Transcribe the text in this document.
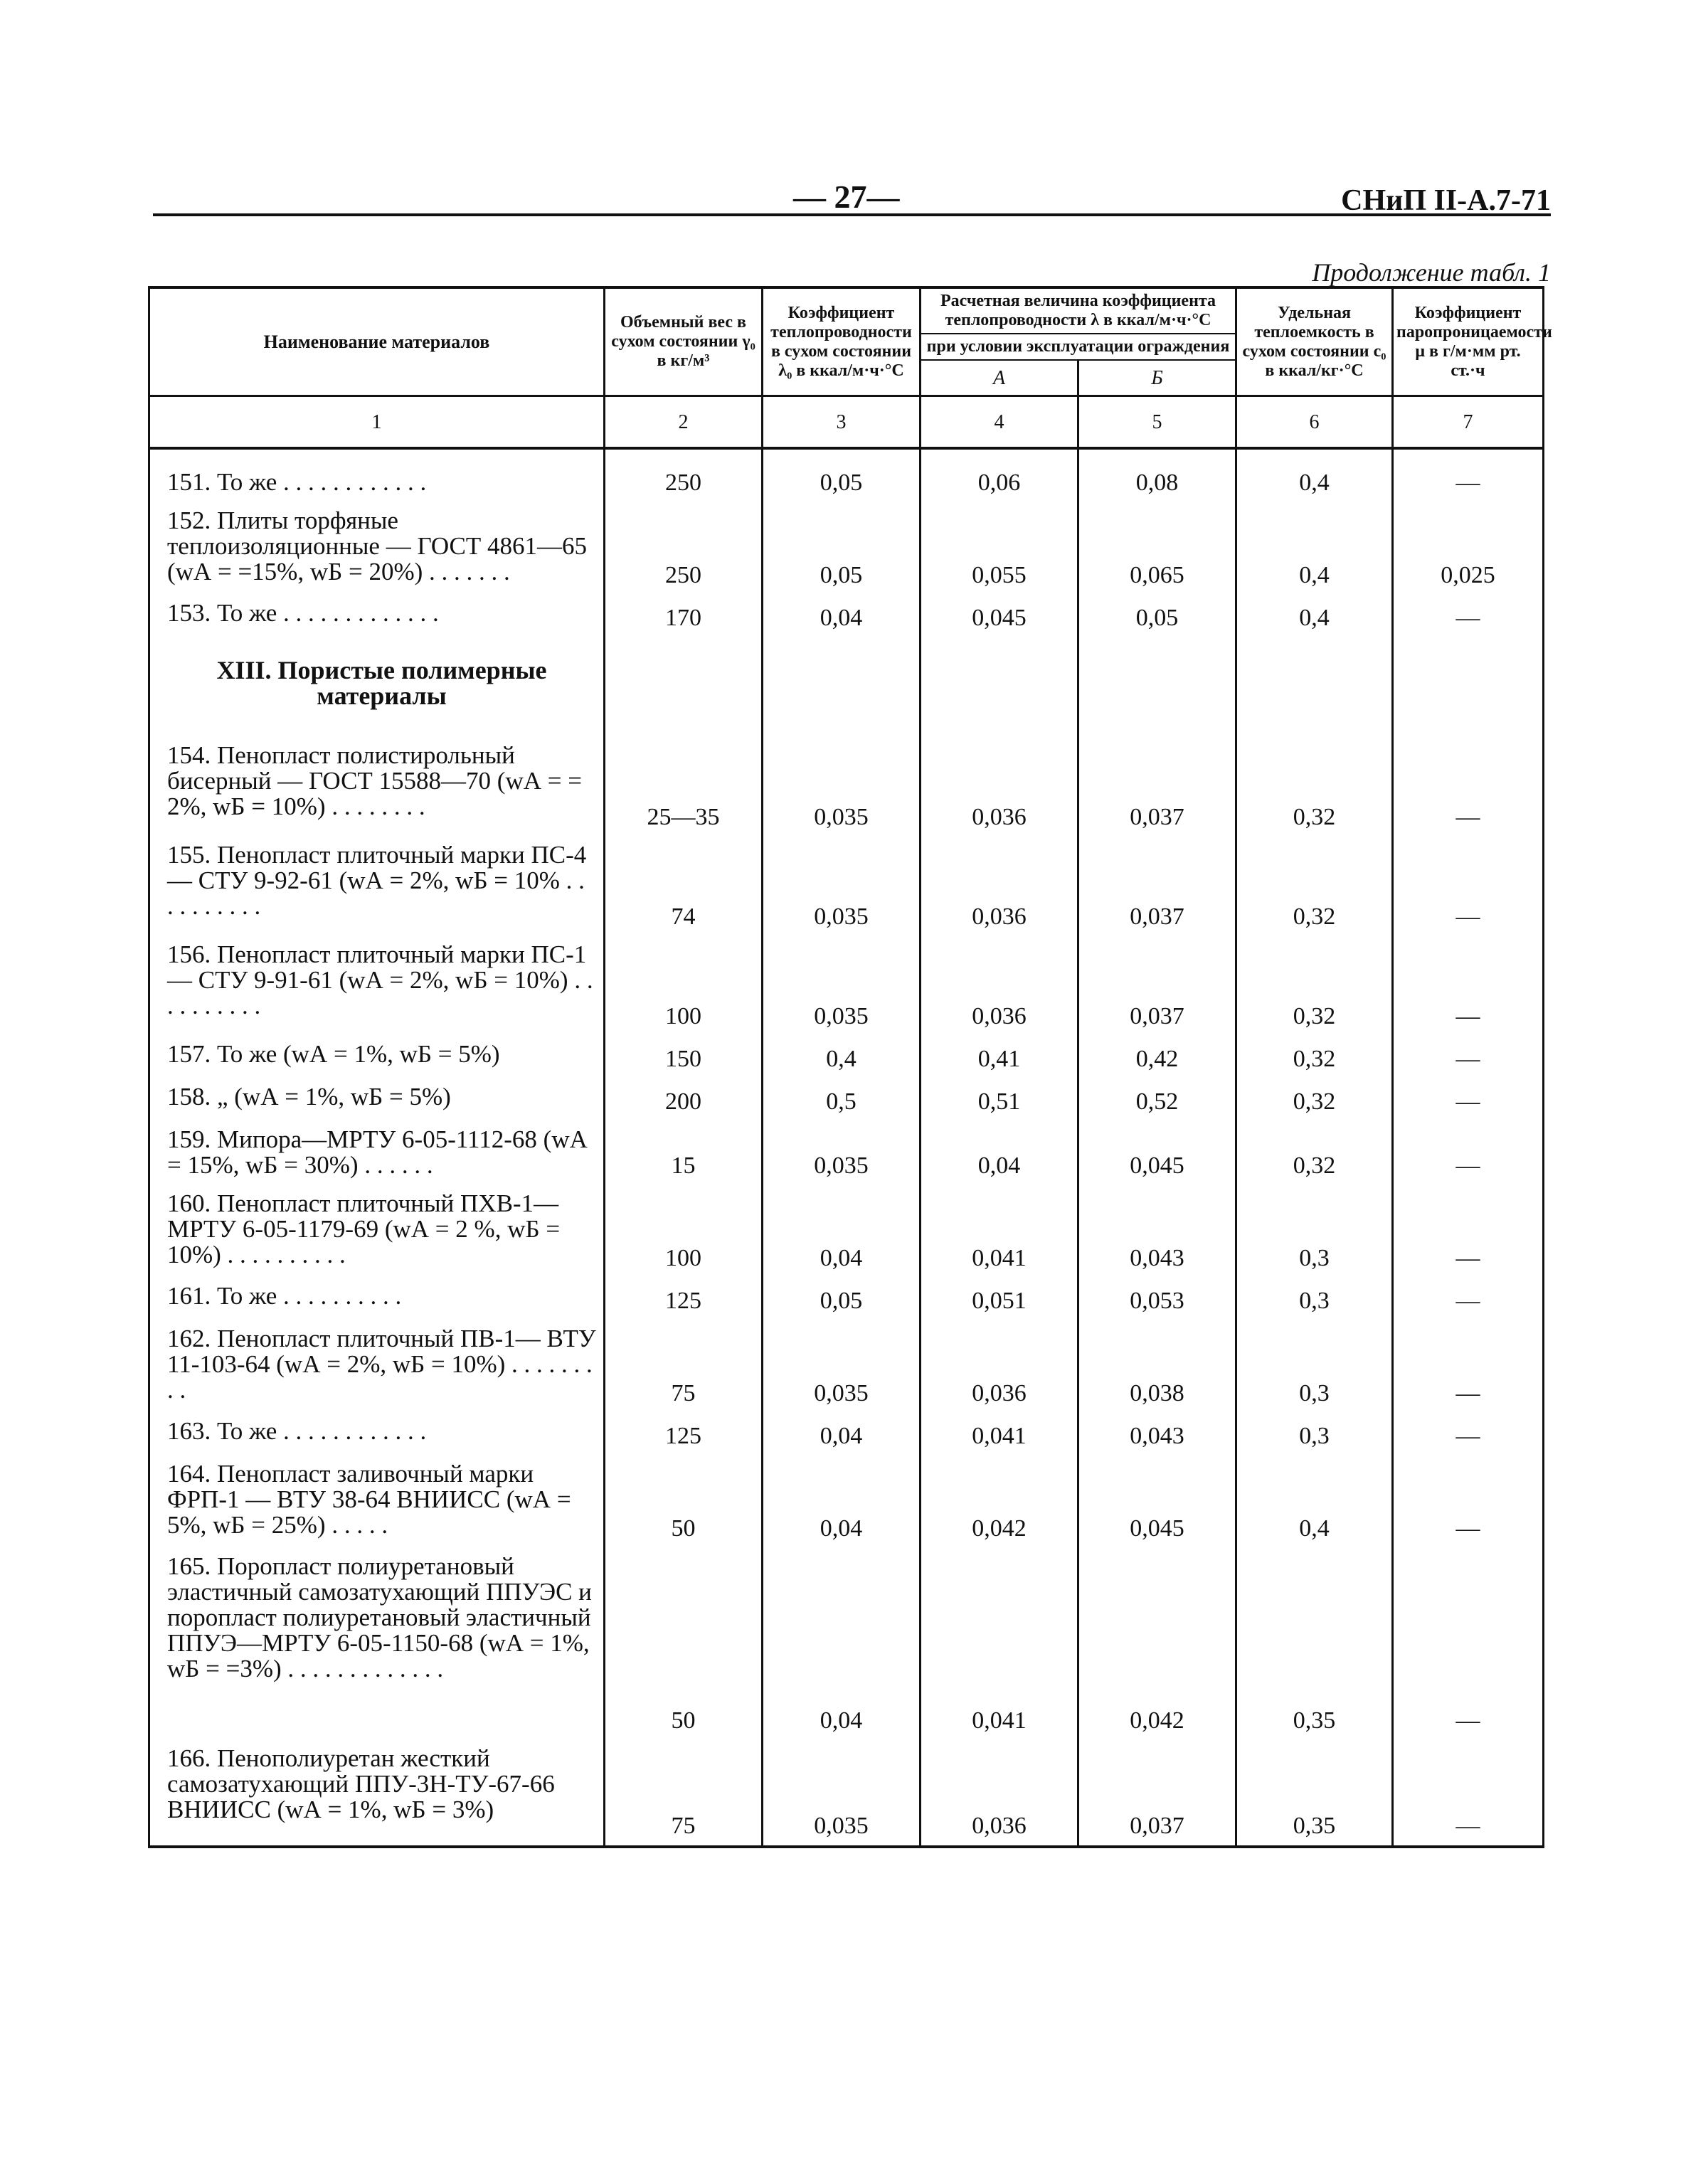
— 27—	СНиП II-А.7-71
Продолжение табл. 1
Наименование материалов	Объемный вес в сухом состоянии γ₀ в кг/м³	Коэффициент теплопроводности в сухом состоянии λ₀ в ккал/м·ч·°С	Расчетная величина коэффициента теплопроводности λ в ккал/м·ч·°С		Удельная теплоемкость в сухом состоянии c₀ в ккал/кг·°С	Коэффициент паропроницаемости μ в г/м·мм рт. ст.·ч
			при условии эксплуатации ограждения			
			А	Б		
1	2	3	4	5	6	7
151. То же . . . . . . . . . . . .	250	0,05	0,06	0,08	0,4	—
152. Плиты торфяные теплоизоляционные — ГОСТ 4861—65 (wА = =15%, wБ = 20%) . . . . . . .	250	0,05	0,055	0,065	0,4	0,025
153. То же . . . . . . . . . . . . .	170	0,04	0,045	0,05	0,4	—
XIII. Пористые полимерные материалы						
154. Пенопласт полистирольный бисерный — ГОСТ 15588—70 (wА = = 2%, wБ = 10%) . . . . . . . .	25—35	0,035	0,036	0,037	0,32	—
155. Пенопласт плиточный марки ПС-4 — СТУ 9-92-61 (wА = 2%, wБ = 10% . . . . . . . . . .	74	0,035	0,036	0,037	0,32	—
156. Пенопласт плиточный марки ПС-1 — СТУ 9-91-61 (wА = 2%, wБ = 10%) . . . . . . . . . .	100	0,035	0,036	0,037	0,32	—
157. То же (wА = 1%, wБ = 5%)	150	0,4	0,41	0,42	0,32	—
158. „ (wА = 1%, wБ = 5%)	200	0,5	0,51	0,52	0,32	—
159. Мипора—МРТУ 6-05-1112-68 (wА = 15%, wБ = 30%) . . . . . .	15	0,035	0,04	0,045	0,32	—
160. Пенопласт плиточный ПХВ-1— МРТУ 6-05-1179-69 (wА = 2 %, wБ = 10%) . . . . . . . . . .	100	0,04	0,041	0,043	0,3	—
161. То же . . . . . . . . . .	125	0,05	0,051	0,053	0,3	—
162. Пенопласт плиточный ПВ-1— ВТУ 11-103-64 (wА = 2%, wБ = 10%) . . . . . . . . .	75	0,035	0,036	0,038	0,3	—
163. То же . . . . . . . . . . . .	125	0,04	0,041	0,043	0,3	—
164. Пенопласт заливочный марки ФРП-1 — ВТУ 38-64 ВНИИСС (wА = 5%, wБ = 25%) . . . . .	50	0,04	0,042	0,045	0,4	—
165. Поропласт полиуретановый эластичный самозатухающий ППУЭС и поропласт полиуретановый эластичный ППУЭ—МРТУ 6-05-1150-68 (wА = 1%, wБ = =3%) . . . . . . . . . . . . .	50	0,04	0,041	0,042	0,35	—
166. Пенополиуретан жесткий самозатухающий ППУ-3Н-ТУ-67-66 ВНИИСС (wА = 1%, wБ = 3%)	75	0,035	0,036	0,037	0,35	—
